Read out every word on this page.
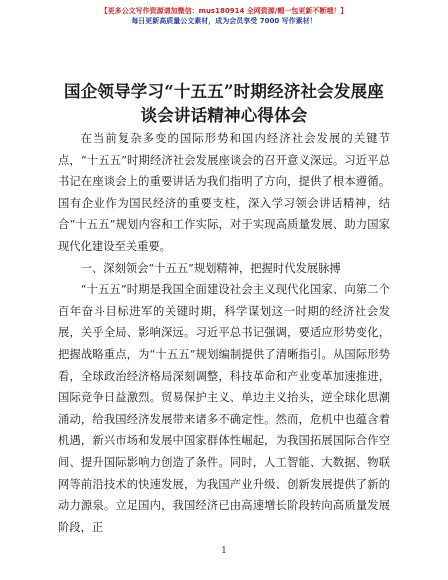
【更多公文写作资源请加微信：mus180914 全网资源/帽一包更新不断哦！】
每日更新高质量公文素材，成为会员享受 7000 写作素材！
国企领导学习“十五五”时期经济社会发展座
谈会讲话精神心得体会

在当前复杂多变的国际形势和国内经济社会发展的关键节点，“十五五”时期经济社会发展座谈会的召开意义深远。习近平总书记在座谈会上的重要讲话为我们指明了方向，提供了根本遵循。国有企业作为国民经济的重要支柱，深入学习领会讲话精神，结合“十五五”规划内容和工作实际，对于实现高质量发展、助力国家现代化建设至关重要。

一、深刻领会“十五五”规划精神，把握时代发展脉搏

“十五五”时期是我国全面建设社会主义现代化国家、向第二个百年奋斗目标进军的关键时期，科学谋划这一时期的经济社会发展，关乎全局、影响深远。习近平总书记强调，要适应形势变化，把握战略重点，为“十五五”规划编制提供了清晰指引。从国际形势看，全球政治经济格局深刻调整，科技革命和产业变革加速推进，国际竞争日益激烈。贸易保护主义、单边主义抬头，逆全球化思潮涌动，给我国经济发展带来诸多不确定性。然而，危机中也蕴含着机遇，新兴市场和发展中国家群体性崛起，为我国拓展国际合作空间、提升国际影响力创造了条件。同时，人工智能、大数据、物联网等前沿技术的快速发展，为我国产业升级、创新发展提供了新的动力源泉。立足国内，我国经济已由高速增长阶段转向高质量发展阶段，正

1
